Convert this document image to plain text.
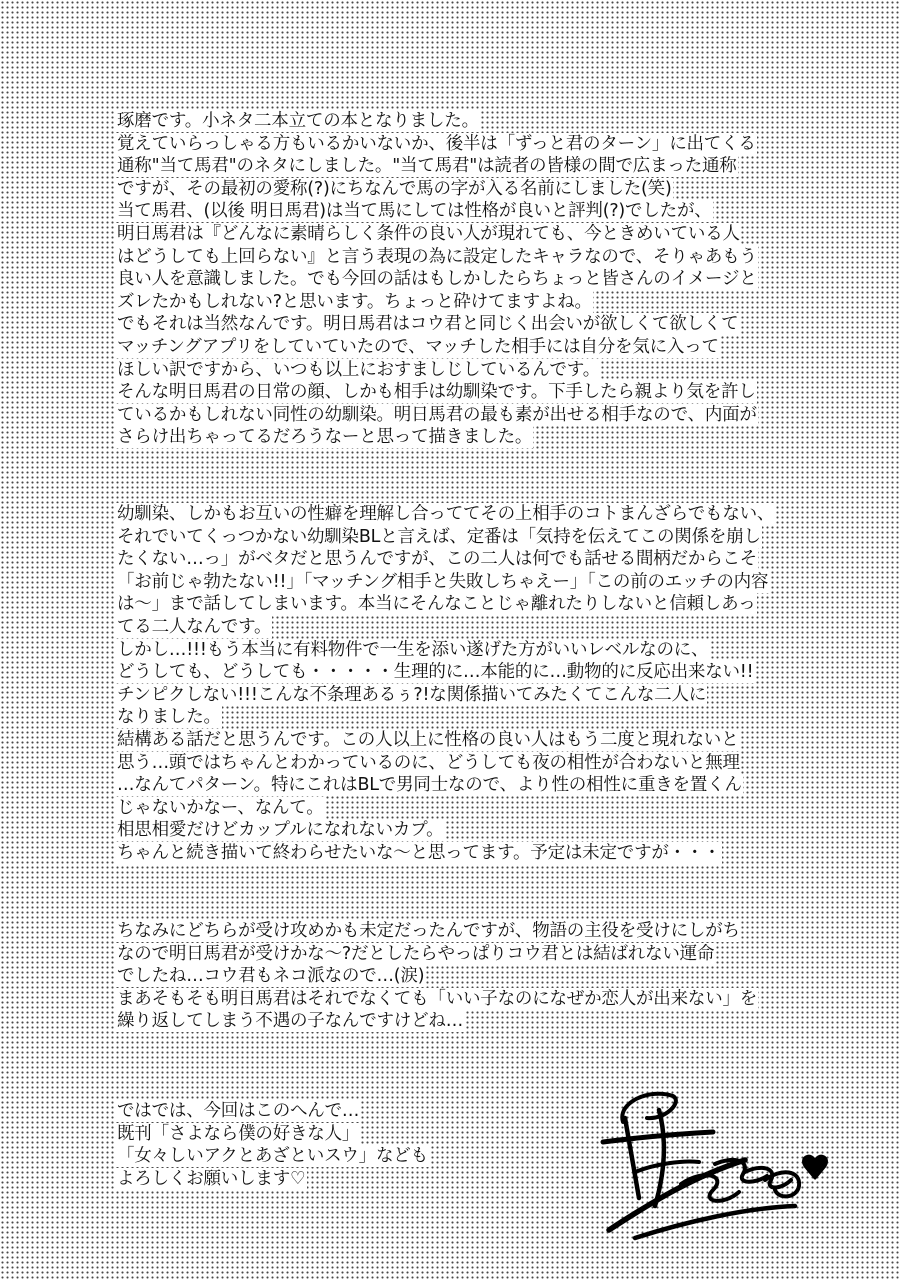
琢磨です。小ネタ二本立ての本となりました。
覚えていらっしゃる方もいるかいないか、後半は「ずっと君のターン」に出てくる
通称"当て馬君"のネタにしました。"当て馬君"は読者の皆様の間で広まった通称
ですが、その最初の愛称(?)にちなんで馬の字が入る名前にしました(笑)
当て馬君、(以後 明日馬君)は当て馬にしては性格が良いと評判(?)でしたが、
明日馬君は『どんなに素晴らしく条件の良い人が現れても、今ときめいている人
はどうしても上回らない』と言う表現の為に設定したキャラなので、そりゃあもう
良い人を意識しました。でも今回の話はもしかしたらちょっと皆さんのイメージと
ズレたかもしれない?と思います。ちょっと砕けてますよね。
でもそれは当然なんです。明日馬君はコウ君と同じく出会いが欲しくて欲しくて
マッチングアプリをしていていたので、マッチした相手には自分を気に入って
ほしい訳ですから、いつも以上におすましじしているんです。
そんな明日馬君の日常の顔、しかも相手は幼馴染です。下手したら親より気を許し
ているかもしれない同性の幼馴染。明日馬君の最も素が出せる相手なので、内面が
さらけ出ちゃってるだろうなーと思って描きました。
幼馴染、しかもお互いの性癖を理解し合っててその上相手のコトまんざらでもない、
それでいてくっつかない幼馴染BLと言えば、定番は「気持を伝えてこの関係を崩し
たくない…っ」がベタだと思うんですが、この二人は何でも話せる間柄だからこそ
「お前じゃ勃たない!!」「マッチング相手と失敗しちゃえー」「この前のエッチの内容
は〜」まで話してしまいます。本当にそんなことじゃ離れたりしないと信頼しあっ
てる二人なんです。
しかし…!!!もう本当に有料物件で一生を添い遂げた方がいいレベルなのに、
どうしても、どうしても・・・・・生理的に…本能的に…動物的に反応出来ない!!
チンピクしない!!!こんな不条理あるぅ?!な関係描いてみたくてこんな二人に
なりました。
結構ある話だと思うんです。この人以上に性格の良い人はもう二度と現れないと
思う…頭ではちゃんとわかっているのに、どうしても夜の相性が合わないと無理
…なんてパターン。特にこれはBLで男同士なので、より性の相性に重きを置くん
じゃないかなー、なんて。
相思相愛だけどカップルになれないカプ。
ちゃんと続き描いて終わらせたいな〜と思ってます。予定は未定ですが・・・
ちなみにどちらが受け攻めかも未定だったんですが、物語の主役を受けにしがち
なので明日馬君が受けかな〜?だとしたらやっぱりコウ君とは結ばれない運命
でしたね…コウ君もネコ派なので…(涙)
まあそもそも明日馬君はそれでなくても「いい子なのになぜか恋人が出来ない」を
繰り返してしまう不遇の子なんですけどね…
ではでは、今回はこのへんで…
既刊「さよなら僕の好きな人」
「女々しいアクとあざといスウ」なども
よろしくお願いします♡
